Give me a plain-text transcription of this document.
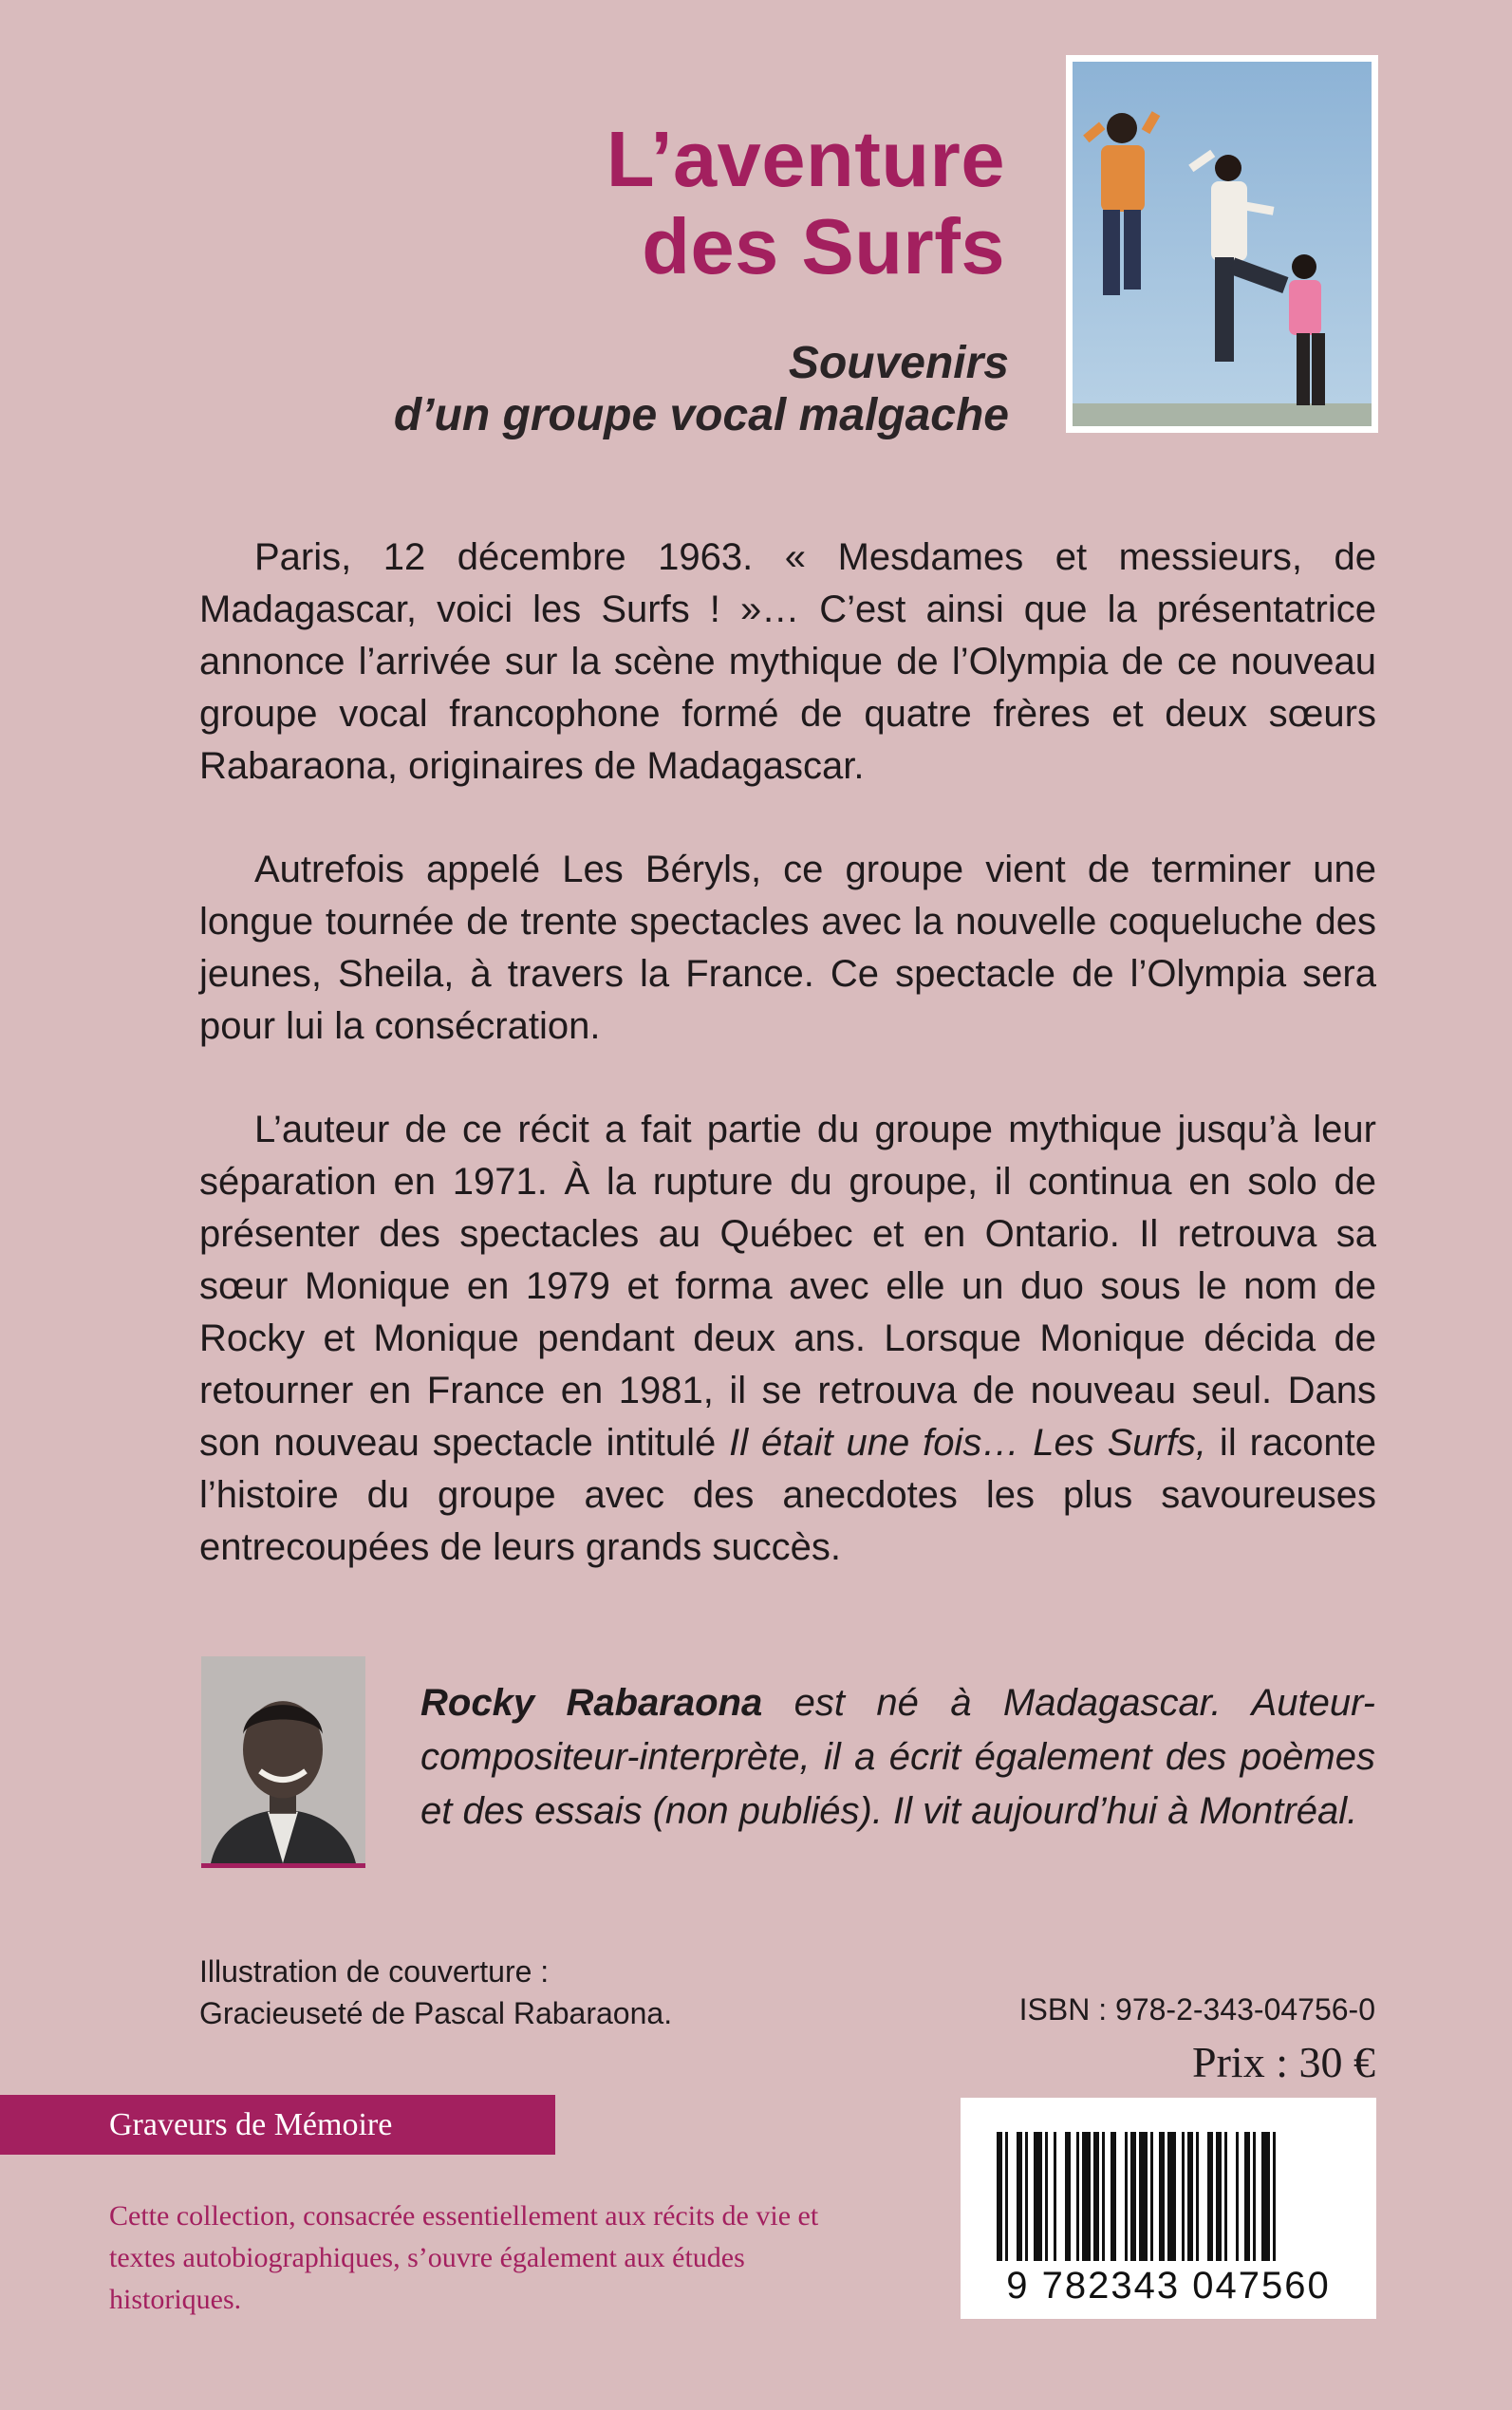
L’aventure
des Surfs
Souvenirs
d’un groupe vocal malgache

Paris, 12 décembre 1963. « Mesdames et messieurs, de Madagascar, voici les Surfs ! »… C’est ainsi que la présentatrice annonce l’arrivée sur la scène mythique de l’Olympia de ce nouveau groupe vocal francophone formé de quatre frères et deux sœurs Rabaraona, originaires de Madagascar.

Autrefois appelé Les Béryls, ce groupe vient de terminer une longue tournée de trente spectacles avec la nouvelle coqueluche des jeunes, Sheila, à travers la France. Ce spectacle de l’Olympia sera pour lui la consécration.

L’auteur de ce récit a fait partie du groupe mythique jusqu’à leur séparation en 1971. À la rupture du groupe, il continua en solo de présenter des spectacles au Québec et en Ontario. Il retrouva sa sœur Monique en 1979 et forma avec elle un duo sous le nom de Rocky et Monique pendant deux ans. Lorsque Monique décida de retourner en France en 1981, il se retrouva de nouveau seul. Dans son nouveau spectacle intitulé Il était une fois… Les Surfs, il raconte l’histoire du groupe avec des anecdotes les plus savoureuses entrecoupées de leurs grands succès.

Rocky Rabaraona est né à Madagascar. Auteur-compositeur-interprète, il a écrit également des poèmes et des essais (non publiés). Il vit aujourd’hui à Montréal.
Illustration de couverture :
Gracieuseté de Pascal Rabaraona.	ISBN : 978-2-343-04756-0
Prix : 30 €
Graveurs de Mémoire
Cette collection, consacrée essentiellement aux récits de vie et textes autobiographiques, s’ouvre également aux études historiques.	9 782343 047560
